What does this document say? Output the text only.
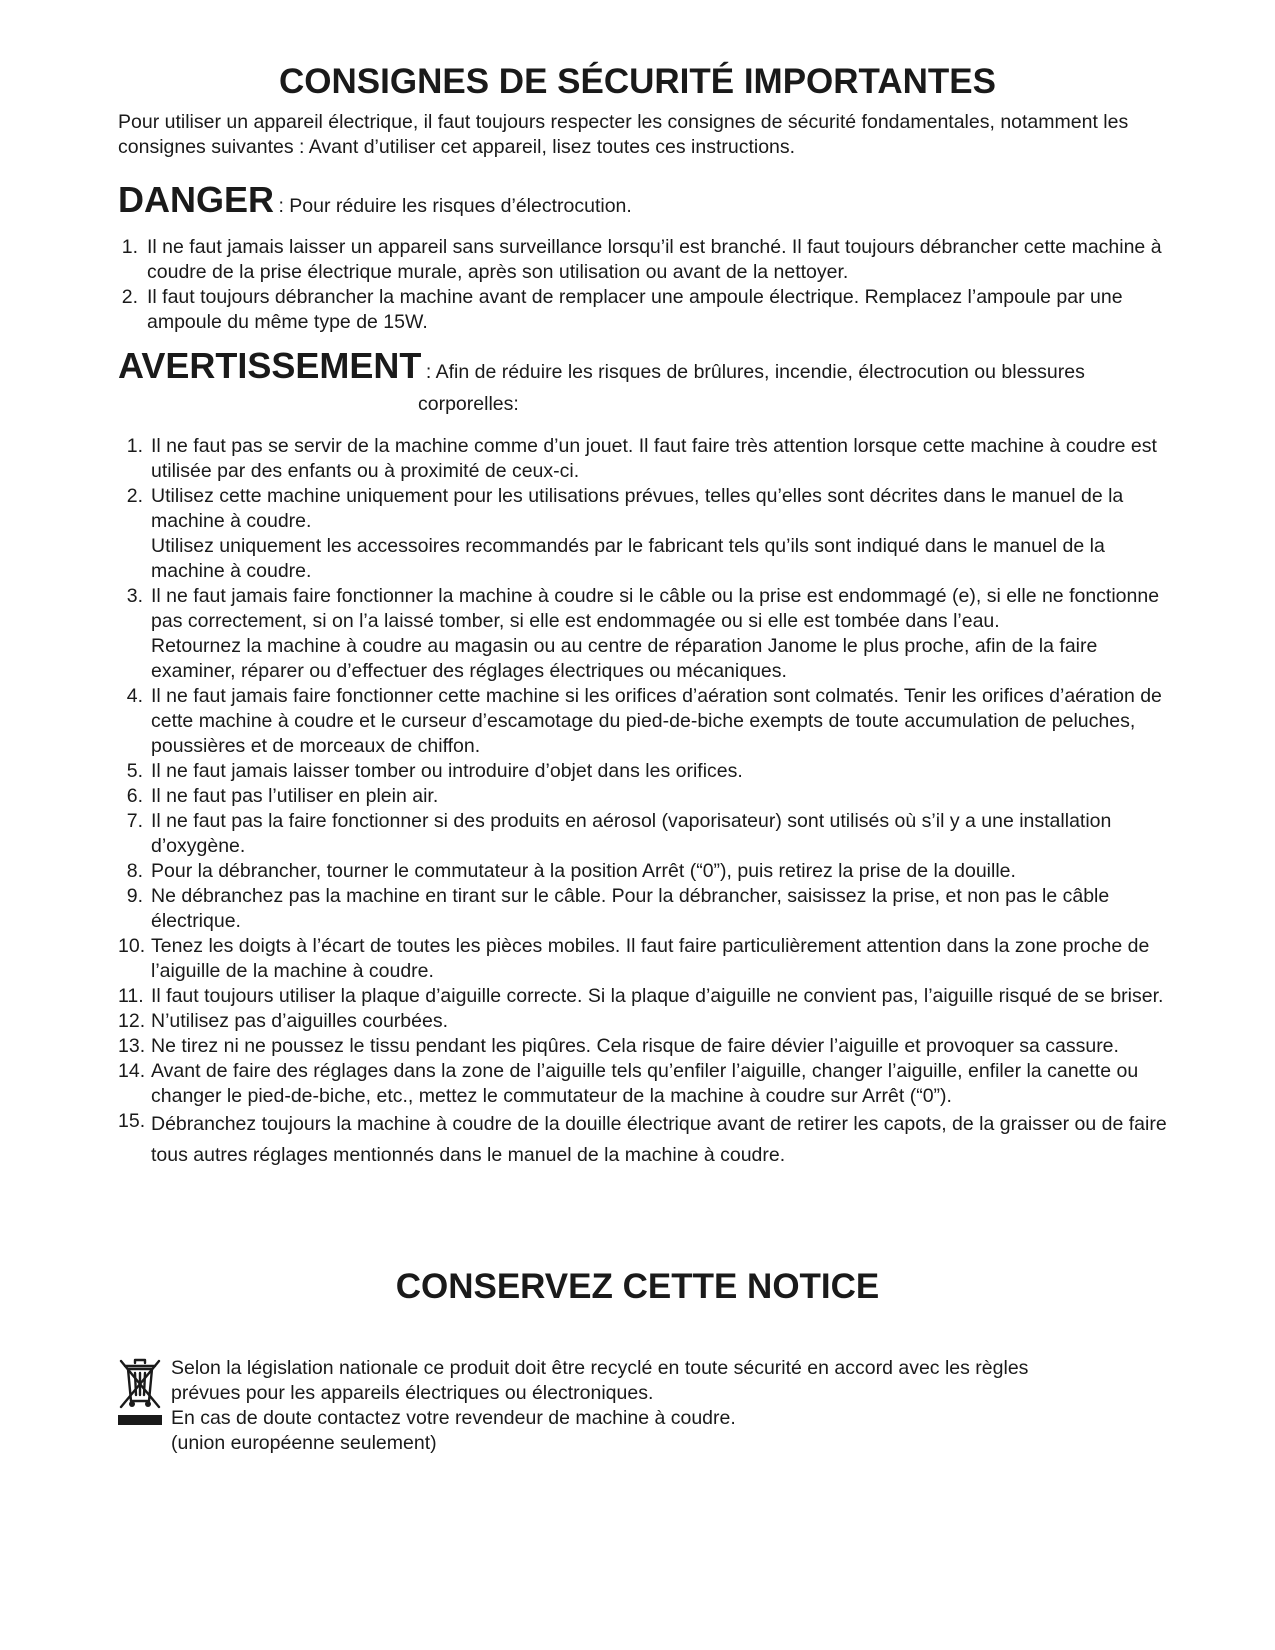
CONSIGNES DE SÉCURITÉ IMPORTANTES

Pour utiliser un appareil électrique, il faut toujours respecter les consignes de sécurité fondamentales, notamment les consignes suivantes : Avant d’utiliser cet appareil, lisez toutes ces instructions.

DANGER : Pour réduire les risques d’électrocution.
1. Il ne faut jamais laisser un appareil sans surveillance lorsqu’il est branché. Il faut toujours débrancher cette machine à coudre de la prise électrique murale, après son utilisation ou avant de la nettoyer.
2. Il faut toujours débrancher la machine avant de remplacer une ampoule électrique. Remplacez l’ampoule par une ampoule du même type de 15W.
AVERTISSEMENT : Afin de réduire les risques de brûlures, incendie, électrocution ou blessures
corporelles:
1. Il ne faut pas se servir de la machine comme d’un jouet. Il faut faire très attention lorsque cette machine à coudre est utilisée par des enfants ou à proximité de ceux-ci.
2. Utilisez cette machine uniquement pour les utilisations prévues, telles qu’elles sont décrites dans le manuel de la machine à coudre.
Utilisez uniquement les accessoires recommandés par le fabricant tels qu’ils sont indiqué dans le manuel de la machine à coudre.
3. Il ne faut jamais faire fonctionner la machine à coudre si le câble ou la prise est endommagé (e), si elle ne fonctionne pas correctement, si on l’a laissé tomber, si elle est endommagée ou si elle est tombée dans l’eau.
Retournez la machine à coudre au magasin ou au centre de réparation Janome le plus proche, afin de la faire examiner, réparer ou d’effectuer des réglages électriques ou mécaniques.
4. Il ne faut jamais faire fonctionner cette machine si les orifices d’aération sont colmatés. Tenir les orifices d’aération de cette machine à coudre et le curseur d’escamotage du pied-de-biche exempts de toute accumulation de peluches, poussières et de morceaux de chiffon.
5. Il ne faut jamais laisser tomber ou introduire d’objet dans les orifices.
6. Il ne faut pas l’utiliser en plein air.
7. Il ne faut pas la faire fonctionner si des produits en aérosol (vaporisateur) sont utilisés où s’il y a une installation d’oxygène.
8. Pour la débrancher, tourner le commutateur à la position Arrêt (“0”), puis retirez la prise de la douille.
9. Ne débranchez pas la machine en tirant sur le câble. Pour la débrancher, saisissez la prise, et non pas le câble électrique.
10. Tenez les doigts à l’écart de toutes les pièces mobiles. Il faut faire particulièrement attention dans la zone proche de l’aiguille de la machine à coudre.
11. Il faut toujours utiliser la plaque d’aiguille correcte. Si la plaque d’aiguille ne convient pas, l’aiguille risqué de se briser.
12. N’utilisez pas d’aiguilles courbées.
13. Ne tirez ni ne poussez le tissu pendant les piqûres. Cela risque de faire dévier l’aiguille et provoquer sa cassure.
14. Avant de faire des réglages dans la zone de l’aiguille tels qu’enfiler l’aiguille, changer l’aiguille, enfiler la canette ou changer le pied-de-biche, etc., mettez le commutateur de la machine à coudre sur Arrêt (“0”).
15. Débranchez toujours la machine à coudre de la douille électrique avant de retirer les capots, de la graisser ou de faire tous autres réglages mentionnés dans le manuel de la machine à coudre.
CONSERVEZ CETTE NOTICE
Selon la législation nationale ce produit doit être recyclé en toute sécurité en accord avec les règles
prévues pour les appareils électriques ou électroniques.
En cas de doute contactez votre revendeur de machine à coudre.
(union européenne seulement)
